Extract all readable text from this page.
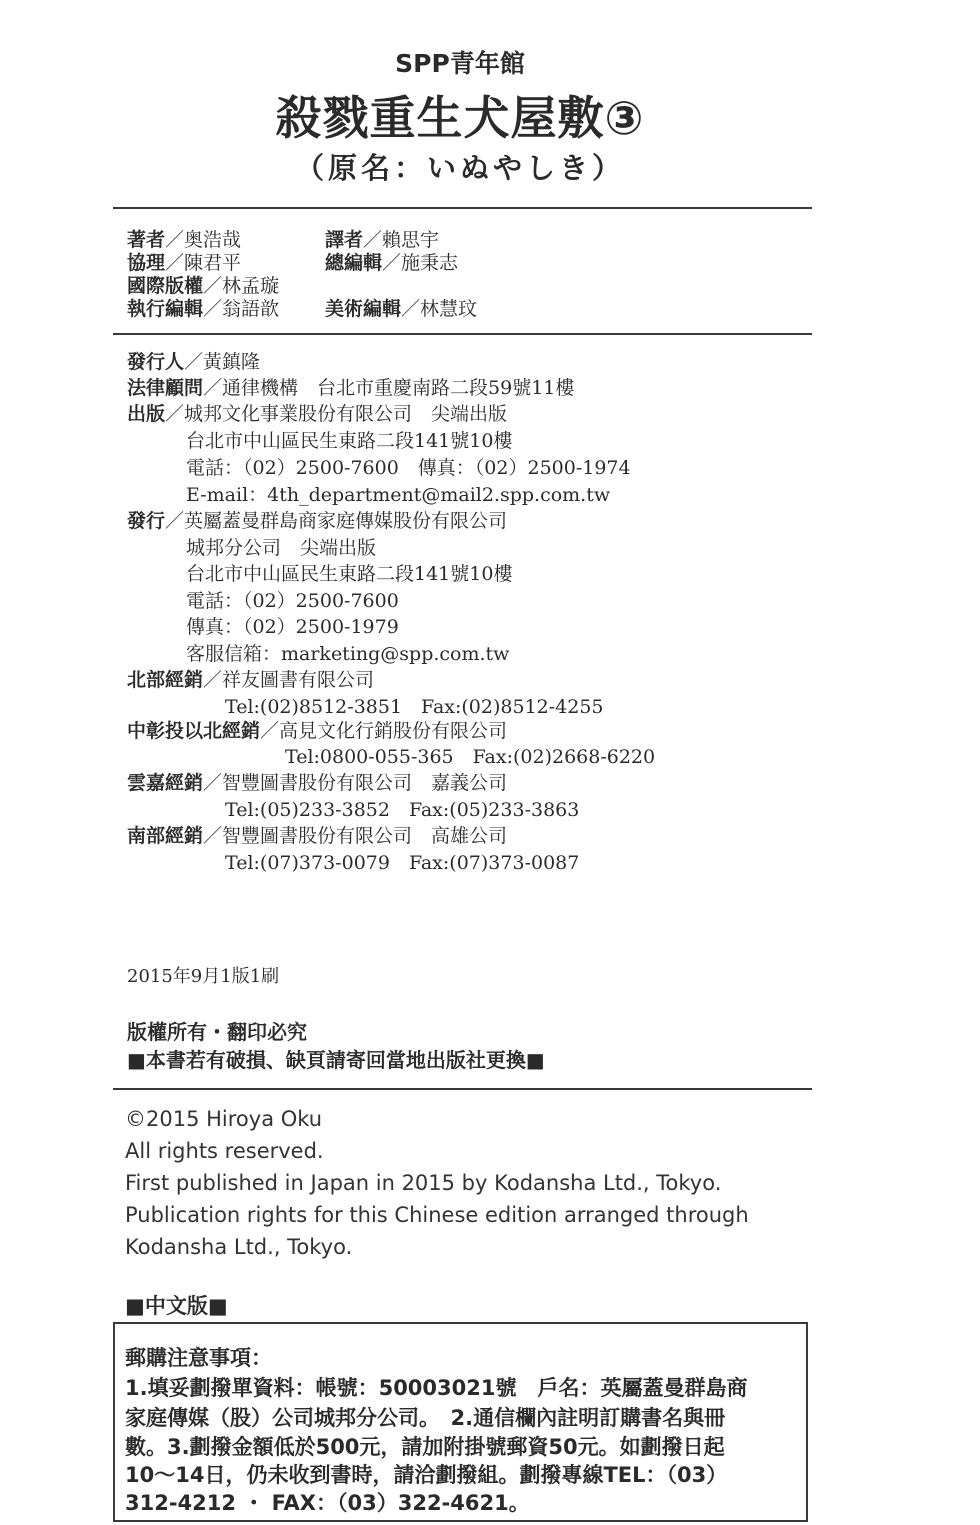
SPP青年館
殺戮重生犬屋敷③
（原名：いぬやしき）
著者／奥浩哉	譯者／賴思宇
協理／陳君平	總編輯／施秉志
國際版權／林孟璇
執行編輯／翁語歆 美術編輯／林慧玟
發行人／黃鎮隆
法律顧問／通律機構　台北市重慶南路二段59號11樓
出版／城邦文化事業股份有限公司　尖端出版
台北市中山區民生東路二段141號10樓
電話：（02）2500-7600　傳真：（02）2500-1974
E-mail：4th_department@mail2.spp.com.tw
發行／英屬蓋曼群島商家庭傳媒股份有限公司
城邦分公司　尖端出版
台北市中山區民生東路二段141號10樓
電話：（02）2500-7600
傳真：（02）2500-1979
客服信箱：marketing@spp.com.tw
北部經銷／祥友圖書有限公司
Tel:(02)8512-3851　Fax:(02)8512-4255
中彰投以北經銷／高見文化行銷股份有限公司
Tel:0800-055-365　Fax:(02)2668-6220
雲嘉經銷／智豐圖書股份有限公司　嘉義公司
Tel:(05)233-3852　Fax:(05)233-3863
南部經銷／智豐圖書股份有限公司　高雄公司
Tel:(07)373-0079　Fax:(07)373-0087
2015年9月1版1刷
版權所有・翻印必究
■本書若有破損、缺頁請寄回當地出版社更換■
©2015 Hiroya Oku
All rights reserved.
First published in Japan in 2015 by Kodansha Ltd., Tokyo.
Publication rights for this Chinese edition arranged through
Kodansha Ltd., Tokyo.
■中文版■
郵購注意事項：
1.填妥劃撥單資料：帳號：50003021號　戶名：英屬蓋曼群島商
家庭傳媒（股）公司城邦分公司。　2.通信欄內註明訂購書名與冊
數。3.劃撥金額低於500元，請加附掛號郵資50元。如劃撥日起
10～14日，仍未收到書時，請洽劃撥組。劃撥專線TEL：（03）
312-4212 ・ FAX：（03）322-4621。
